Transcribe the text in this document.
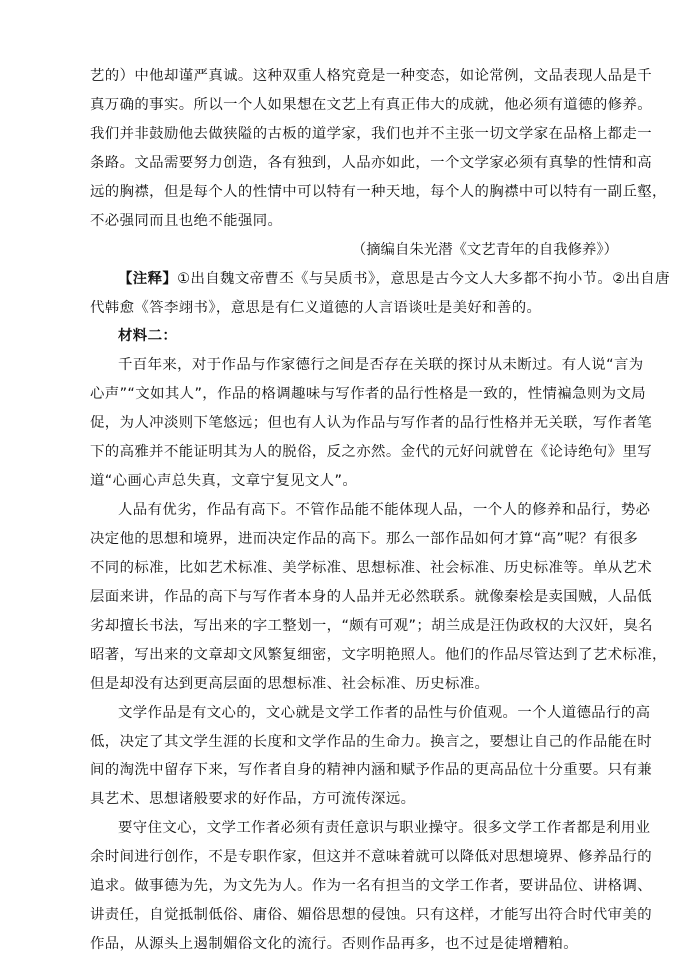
艺的）中他却谨严真诚。这种双重人格究竟是一种变态，如论常例，文品表现人品是千
真万确的事实。所以一个人如果想在文艺上有真正伟大的成就，他必须有道德的修养。
我们并非鼓励他去做狭隘的古板的道学家，我们也并不主张一切文学家在品格上都走一
条路。文品需要努力创造，各有独到，人品亦如此，一个文学家必须有真挚的性情和高
远的胸襟，但是每个人的性情中可以特有一种天地，每个人的胸襟中可以特有一副丘壑，
不必强同而且也绝不能强同。
（摘编自朱光潜《文艺青年的自我修养》）
【注释】①出自魏文帝曹丕《与吴质书》，意思是古今文人大多都不拘小节。②出自唐
代韩愈《答李翊书》，意思是有仁义道德的人言语谈吐是美好和善的。
材料二：
千百年来，对于作品与作家德行之间是否存在关联的探讨从未断过。有人说“言为
心声”“文如其人”，作品的格调趣味与写作者的品行性格是一致的，性情褊急则为文局
促，为人冲淡则下笔悠远；但也有人认为作品与写作者的品行性格并无关联，写作者笔
下的高雅并不能证明其为人的脱俗，反之亦然。金代的元好问就曾在《论诗绝句》里写
道“心画心声总失真，文章宁复见文人”。
人品有优劣，作品有高下。不管作品能不能体现人品，一个人的修养和品行，势必
决定他的思想和境界，进而决定作品的高下。那么一部作品如何才算“高”呢？有很多
不同的标准，比如艺术标准、美学标准、思想标准、社会标准、历史标准等。单从艺术
层面来讲，作品的高下与写作者本身的人品并无必然联系。就像秦桧是卖国贼，人品低
劣却擅长书法，写出来的字工整划一，“颇有可观”；胡兰成是汪伪政权的大汉奸，臭名
昭著，写出来的文章却文风繁复细密，文字明艳照人。他们的作品尽管达到了艺术标准，
但是却没有达到更高层面的思想标准、社会标准、历史标准。
文学作品是有文心的，文心就是文学工作者的品性与价值观。一个人道德品行的高
低，决定了其文学生涯的长度和文学作品的生命力。换言之，要想让自己的作品能在时
间的淘洗中留存下来，写作者自身的精神内涵和赋予作品的更高品位十分重要。只有兼
具艺术、思想诸般要求的好作品，方可流传深远。
要守住文心，文学工作者必须有责任意识与职业操守。很多文学工作者都是利用业
余时间进行创作，不是专职作家，但这并不意味着就可以降低对思想境界、修养品行的
追求。做事德为先，为文先为人。作为一名有担当的文学工作者，要讲品位、讲格调、
讲责任，自觉抵制低俗、庸俗、媚俗思想的侵蚀。只有这样，才能写出符合时代审美的
作品，从源头上遏制媚俗文化的流行。否则作品再多，也不过是徒增糟粕。
